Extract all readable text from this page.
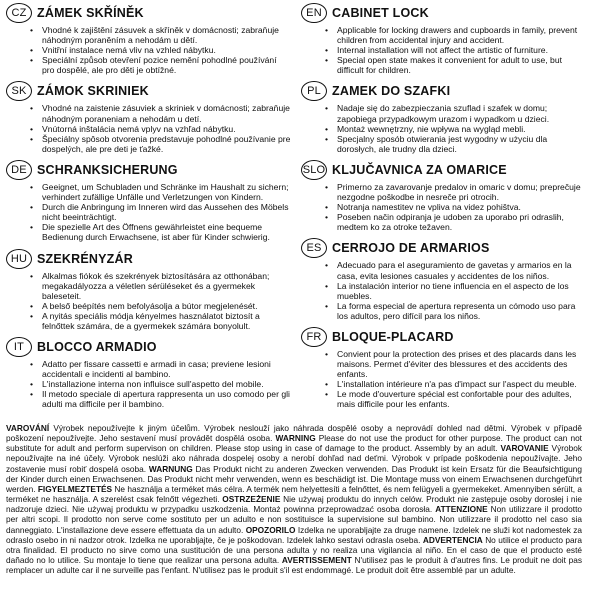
CZ ZÁMEK SKŘÍNĚK
• Vhodné k zajištění zásuvek a skříněk v domácnosti; zabraňuje náhodným poraněním a nehodám u dětí.
• Vnitřní instalace nemá vliv na vzhled nábytku.
• Speciální způsob otevření pozice nemění pohodlné používání pro dospělé, ale pro děti je obtížné.
SK ZÁMOK SKRINIEK
• Vhodné na zaistenie zásuviek a skriniek v domácnosti; zabraňuje náhodným poraneniam a nehodám u detí.
• Vnútorná inštalácia nemá vplyv na vzhľad nábytku.
• Špeciálny spôsob otvorenia predstavuje pohodlné používanie pre dospelých, ale pre deti je ťažké.
DE SCHRANKSICHERUNG
• Geeignet, um Schubladen und Schränke im Haushalt zu sichern; verhindert zufällige Unfälle und Verletzungen von Kindern.
• Durch die Anbringung im Inneren wird das Aussehen des Möbels nicht beeinträchtigt.
• Die spezielle Art des Öffnens gewährleistet eine bequeme Bedienung durch Erwachsene, ist aber für Kinder schwierig.
HU SZEKRÉNYZÁR
• Alkalmas fiókok és szekrények biztosítására az otthonában; megakadályozza a véletlen sérüléseket és a gyermekek baleseteit.
• A belső beépítés nem befolyásolja a bútor megjelenését.
• A nyitás speciális módja kényelmes használatot biztosít a felnőttek számára, de a gyermekek számára bonyolult.
IT	BLOCCO ARMADIO
• Adatto per fissare cassetti e armadi in casa; previene lesioni accidentali e incidenti al bambino.
• L'installazione interna non influisce sull'aspetto del mobile.
• Il metodo speciale di apertura rappresenta un uso comodo per gli adulti ma difficile per il bambino.
EN CABINET LOCK
• Applicable for locking drawers and cupboards in family, prevent children from accidental injury and accident.
• Internal installation will not affect the artistic of furniture.
• Special open state makes it convenient for adult to use, but difficult for children.
PL ZAMEK DO SZAFKI
• Nadaje się do zabezpieczania szuflad i szafek w domu; zapobiega przypadkowym urazom i wypadkom u dzieci.
• Montaż wewnętrzny, nie wpływa na wygląd mebli.
• Specjalny sposób otwierania jest wygodny w użyciu dla dorosłych, ale trudny dla dzieci.
SLO KLJUČAVNICA ZA OMARICE
• Primerno za zavarovanje predalov in omaric v domu; preprečuje nezgodne poškodbe in nesreče pri otrocih.
• Notranja namestitev ne vpliva na videz pohištva.
• Poseben način odpiranja je udoben za uporabo pri odraslih, medtem ko za otroke težaven.
ES CERROJO DE ARMARIOS
• Adecuado para el aseguramiento de gavetas y armarios en la casa, evita lesiones casuales y accidentes de los niños.
• La instalación interior no tiene influencia en el aspecto de los muebles.
• La forma especial de apertura representa un cómodo uso para los adultos, pero difícil para los niños.
FR BLOQUE-PLACARD
• Convient pour la protection des prises et des placards dans les maisons. Permet d'éviter des blessures et des accidents des enfants.
• L'installation intérieure n'a pas d'impact sur l'aspect du meuble.
• Le mode d'ouverture spécial est confortable pour des adultes, mais difficile pour les enfants.

VAROVÁNÍ Výrobek nepoužívejte k jiným účelům. Výrobek neslouží jako náhrada dospělé osoby a neprovádí dohled nad dětmi. Výrobek v případě poškození nepoužívejte. Jeho sestavení musí provádět dospělá osoba. WARNING Please do not use the product for other purpose. The product can not substitute for adult and perform supervison on children. Please stop using in case of damage to the product. Assembly by an adult. VAROVANIE Výrobok nepoužívajte na iné účely. Výrobok neslúži ako náhrada dospelej osoby a nerobí dohľad nad deťmi. Výrobok v prípade poškodenia nepoužívajte. Jeho zostavenie musí robiť dospelá osoba. WARNUNG Das Produkt nicht zu anderen Zwecken verwenden. Das Produkt ist kein Ersatz für die Beaufsichtigung der Kinder durch einen Erwachsenen. Das Produkt nicht mehr verwenden, wenn es beschädigt ist. Die Montage muss von einem Erwachsenen durchgeführt werden. FIGYELMEZTETÉS Ne használja a terméket más célra. A termék nem helyettesíti a felnőttet, és nem felügyeli a gyermekeket. Amennyiben sérült, a terméket ne használja. A szerelést csak felnőtt végezheti. OSTRZEŻENIE Nie używaj produktu do innych celów. Produkt nie zastępuje osoby dorosłej i nie nadzoruje dzieci. Nie używaj produktu w przypadku uszkodzenia. Montaż powinna przeprowadzać osoba dorosła. ATTENZIONE Non utilizzare il prodotto per altri scopi. Il prodotto non serve come sostituto per un adulto e non sostituisce la supervisione sul bambino. Non utilizzare il prodotto nel caso sia danneggiato. L'installazione deve essere effettuata da un adulto. OPOZORILO Izdelka ne uporabljajte za druge namene. Izdelek ne služi kot nadomestek za odraslo osebo in ni nadzor otrok. Izdelka ne uporabljajte, če je poškodovan. Izdelek lahko sestavi odrasla oseba. ADVERTENCIA No utilice el producto para otra finalidad. El producto no sirve como una sustitución de una persona adulta y no realiza una vigilancia al niño. En el caso de que el producto esté dañado no lo utilice. Su montaje lo tiene que realizar una persona adulta. AVERTISSEMENT N'utilisez pas le produit à d'autres fins. Le produit ne doit pas remplacer un adulte car il ne surveille pas l'enfant. N'utilisez pas le produit s'il est endommagé. Le produit doit être assemblé par un adulte.
